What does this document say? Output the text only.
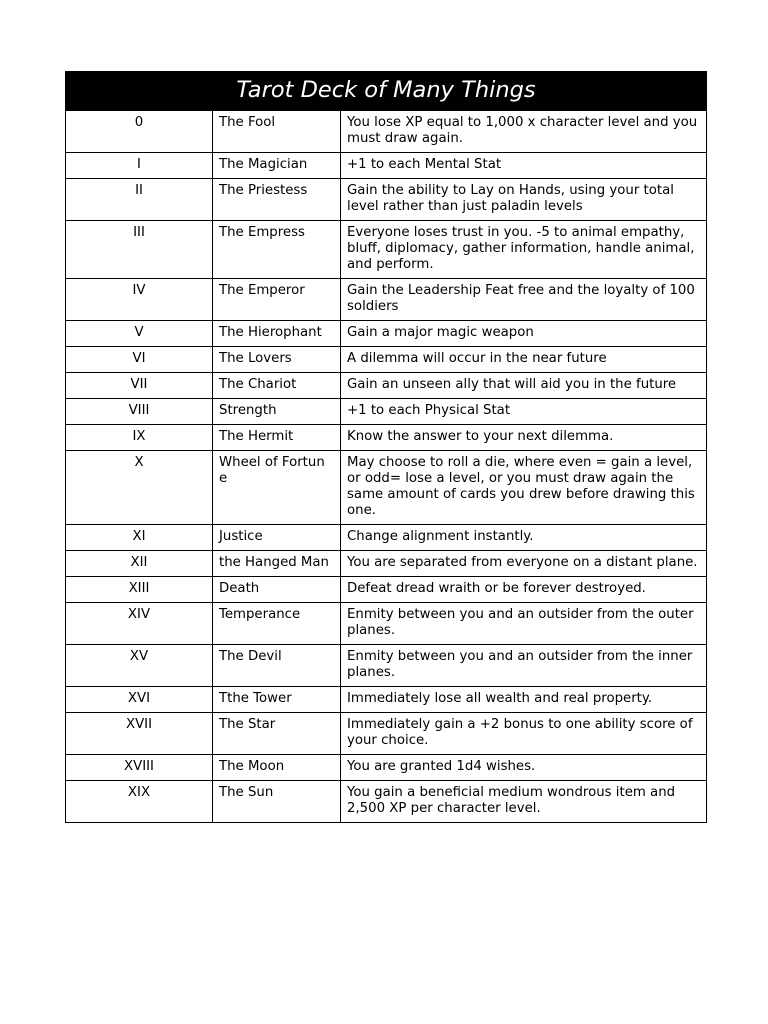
Tarot Deck of Many Things		
0	The Fool	You lose XP equal to 1,000 x character level and you must draw again.
I	The Magician	+1 to each Mental Stat
II	The Priestess	Gain the ability to Lay on Hands, using your total level rather than just paladin levels
III	The Empress	Everyone loses trust in you. -5 to animal empathy, bluff, diplomacy, gather information, handle animal, and perform.
IV	The Emperor	Gain the Leadership Feat free and the loyalty of 100 soldiers
V	The Hierophant	Gain a major magic weapon
VI	The Lovers	A dilemma will occur in the near future
VII	The Chariot	Gain an unseen ally that will aid you in the future
VIII	Strength	+1 to each Physical Stat
IX	The Hermit	Know the answer to your next dilemma.
X	Wheel of Fortun e	May choose to roll a die, where even = gain a level, or odd= lose a level, or you must draw again the same amount of cards you drew before drawing this one.
XI	Justice	Change alignment instantly.
XII	the Hanged Man	You are separated from everyone on a distant plane.
XIII	Death	Defeat dread wraith or be forever destroyed.
XIV	Temperance	Enmity between you and an outsider from the outer planes.
XV	The Devil	Enmity between you and an outsider from the inner planes.
XVI	Tthe Tower	Immediately lose all wealth and real property.
XVII	The Star	Immediately gain a +2 bonus to one ability score of your choice.
XVIII	The Moon	You are granted 1d4 wishes.
XIX	The Sun	You gain a beneficial medium wondrous item and 2,500 XP per character level.
